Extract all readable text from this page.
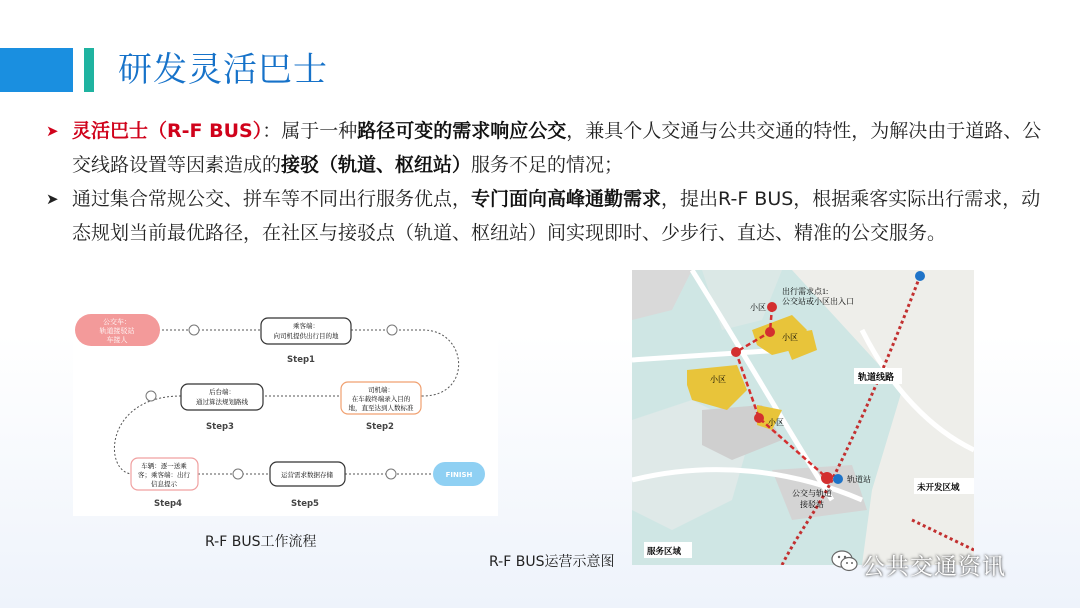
研发灵活巴士
➤ 灵活巴士（R-F BUS）：属于一种路径可变的需求响应公交，兼具个人交通与公共交通的特性，为解决由于道路、公交线路设置等因素造成的接驳（轨道、枢纽站）服务不足的情况；
➤ 通过集合常规公交、拼车等不同出行服务优点，专门面向高峰通勤需求，提出R-F BUS，根据乘客实际出行需求，动态规划当前最优路径，在社区与接驳点（轨道、枢纽站）间实现即时、少步行、直达、精准的公交服务。
公交车：
轨道接驳站
车接人
乘客端：
向司机提供出行目的地
Step1
司机端：
在车载终端录入目的
地，直至达到人数标准
Step2
后台端：
通过算法规划路线
Step3
车辆：逐一送乘
客；乘客端：出行
信息提示
Step4
运营需求数据存储
Step5
FINISH
R-F BUS工作流程
出行需求点1:
公交站或小区出入口
小区
小区
小区
小区
轨道线路
轨道站
公交与轨道
接驳站
未开发区域
服务区域
R-F BUS运营示意图	公共交通资讯
